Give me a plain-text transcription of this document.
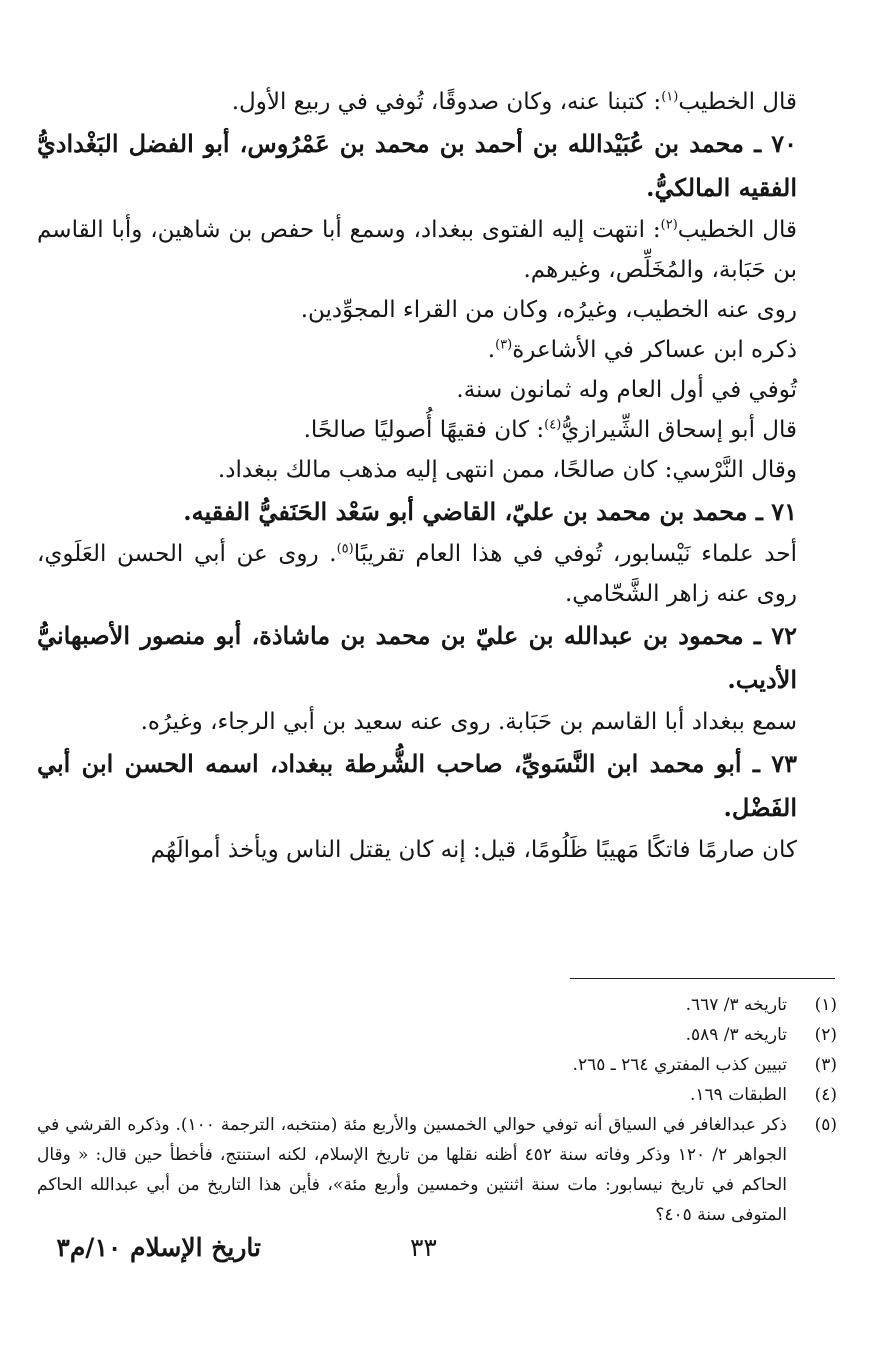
قال الخطيب$^{(١)}$: كتبنا عنه، وكان صدوقًا، تُوفي في ربيع الأول.

٧٠ ـ محمد بن عُبَيْدالله بن أحمد بن محمد بن عَمْرُوس، أبو الفضل البَغْداديُّ الفقيه المالكيُّ.

قال الخطيب$^{(٢)}$: انتهت إليه الفتوى ببغداد، وسمع أبا حفص بن شاهين، وأبا القاسم بن حَبَابة، والمُخَلِّص، وغيرهم.

روى عنه الخطيب، وغيرُه، وكان من القراء المجوِّدين.

ذكره ابن عساكر في الأشاعرة$^{(٣)}$.

تُوفي في أول العام وله ثمانون سنة.

قال أبو إسحاق الشِّيرازيُّ$^{(٤)}$: كان فقيهًا أُصوليًا صالحًا.

وقال النَّرْسي: كان صالحًا، ممن انتهى إليه مذهب مالك ببغداد.

٧١ ـ محمد بن محمد بن عليّ، القاضي أبو سَعْد الحَنَفيُّ الفقيه.

أحد علماء نَيْسابور، تُوفي في هذا العام تقريبًا$^{(٥)}$. روى عن أبي الحسن العَلَوي، روى عنه زاهر الشَّحّامي.

٧٢ ـ محمود بن عبدالله بن عليّ بن محمد بن ماشاذة، أبو منصور الأصبهانيُّ الأديب.

سمع ببغداد أبا القاسم بن حَبَابة. روى عنه سعيد بن أبي الرجاء، وغيرُه.

٧٣ ـ أبو محمد ابن النَّسَويِّ، صاحب الشُّرطة ببغداد، اسمه الحسن ابن أبي الفَضْل.

كان صارمًا فاتكًا مَهيبًا ظَلُومًا، قيل: إنه كان يقتل الناس ويأخذ أموالَهُم

(١)
تاريخه ٣/ ٦٦٧.
(٢)
تاريخه ٣/ ٥٨٩.
(٣)
تبيين كذب المفتري ٢٦٤ ـ ٢٦٥.
(٤)
الطبقات ١٦٩.
(٥)
ذكر عبدالغافر في السياق أنه توفي حوالي الخمسين والأربع مئة (منتخبه، الترجمة ١٠٠). وذكره القرشي في الجواهر ٢/ ١٢٠ وذكر وفاته سنة ٤٥٢ أظنه نقلها من تاريخ الإسلام، لكنه استنتج، فأخطأ حين قال: « وقال الحاكم في تاريخ نيسابور: مات سنة اثنتين وخمسين وأربع مئة»، فأين هذا التاريخ من أبي عبدالله الحاكم المتوفى سنة ٤٠٥؟
تاريخ الإسلام ١٠/م٣	٣٣
